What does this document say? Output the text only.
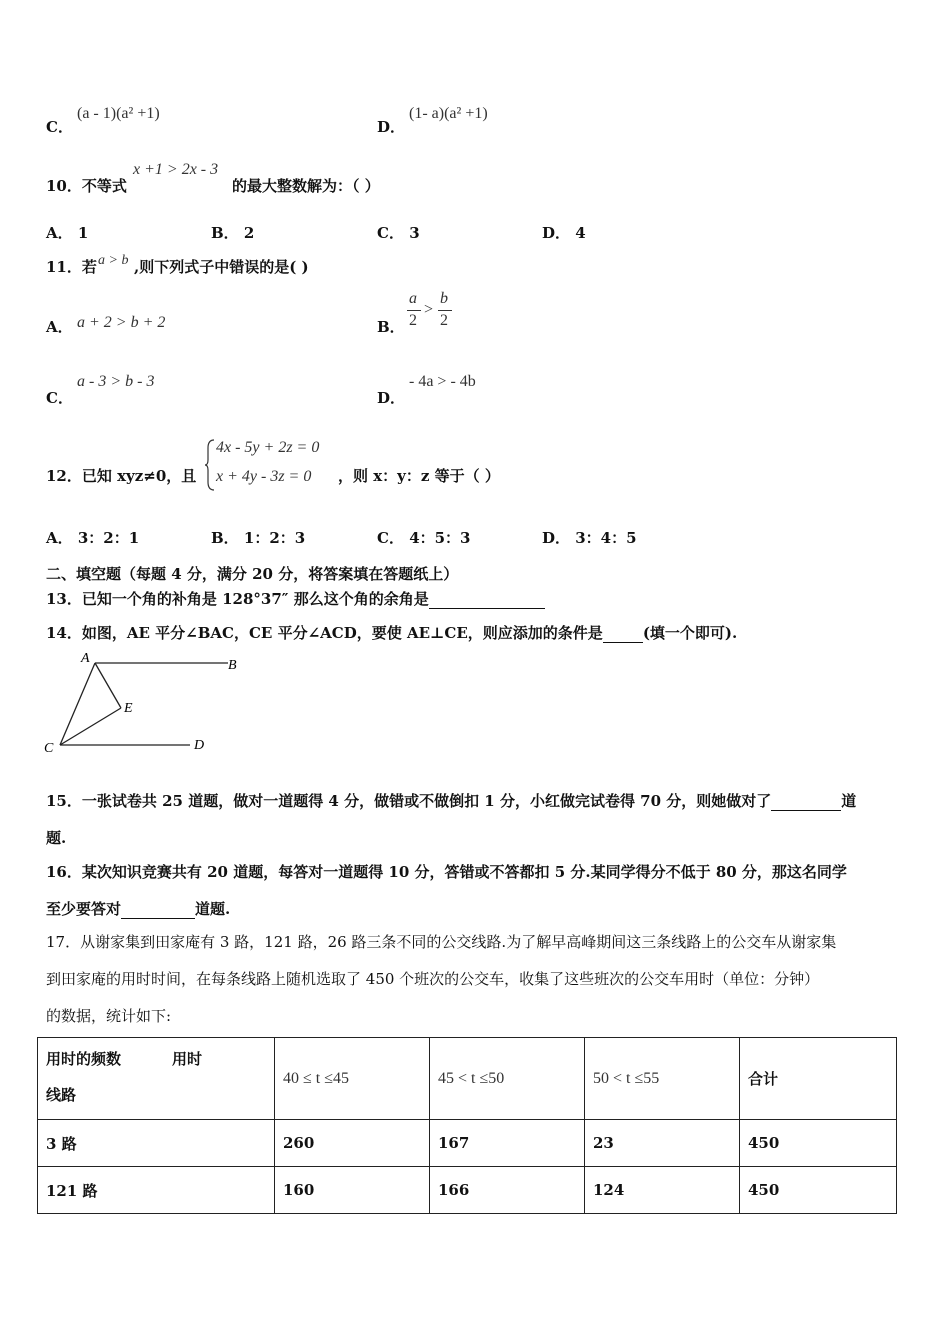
C．
(a - 1)(a² +1)
D．
(1- a)(a² +1)
10．不等式
x +1 > 2x - 3
的最大整数解为：（ ）
A． 1	B． 2	C． 3	D． 4
11．若 a > b ,则下列式子中错误的是( )
A． a + 2 > b + 2	B．
a
2
>
b
2
C．
a - 3 > b - 3
D．
- 4a > - 4b
12．已知 xyz≠0，且
4x - 5y + 2z = 0
x + 4y - 3z = 0 ，则 x：y：z 等于（ ）
A． 3：2：1	B． 1：2：3	C． 4：5：3	D． 3：4：5
二、填空题（每题 4 分，满分 20 分，将答案填在答题纸上）
13．已知一个角的补角是 128°37″ 那么这个角的余角是
14．如图，AE 平分∠BAC，CE 平分∠ACD，要使 AE⊥CE，则应添加的条件是	(填一个即可).
A	B
C	D
E
15．一张试卷共 25 道题，做对一道题得 4 分，做错或不做倒扣 1 分，小红做完试卷得 70 分，则她做对了	道
题.
16．某次知识竞赛共有 20 道题，每答对一道题得 10 分，答错或不答都扣 5 分.某同学得分不低于 80 分，那这名同学
至少要答对	道题.
17．从谢家集到田家庵有 3 路，121 路，26 路三条不同的公交线路.为了解早高峰期间这三条线路上的公交车从谢家集
到田家庵的用时时间，在每条线路上随机选取了 450 个班次的公交车，收集了这些班次的公交车用时（单位：分钟）
的数据，统计如下:
用时的频数 用时
线路	40 ≤ t ≤45	45 < t ≤50	50 < t ≤55	合计
3 路	260	167	23	450
121 路	160	166	124	450
